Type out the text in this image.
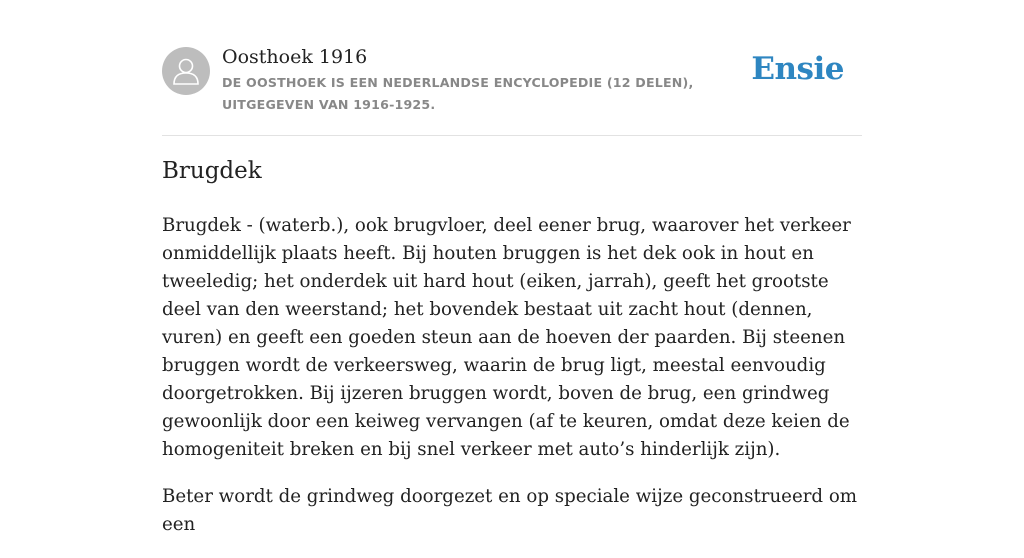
Oosthoek 1916
DE OOSTHOEK IS EEN NEDERLANDSE ENCYCLOPEDIE (12 DELEN), UITGEGEVEN VAN 1916-1925.
Ensie
Brugdek

Brugdek - (waterb.), ook brugvloer, deel eener brug, waarover het verkeer onmiddellijk plaats heeft. Bij houten bruggen is het dek ook in hout en tweeledig; het onderdek uit hard hout (eiken, jarrah), geeft het grootste deel van den weerstand; het bovendek bestaat uit zacht hout (dennen, vuren) en geeft een goeden steun aan de hoeven der paarden. Bij steenen bruggen wordt de verkeersweg, waarin de brug ligt, meestal eenvoudig doorgetrokken. Bij ijzeren bruggen wordt, boven de brug, een grindweg gewoonlijk door een keiweg vervangen (af te keuren, omdat deze keien de homogeniteit breken en bij snel verkeer met auto’s hinderlijk zijn).

Beter wordt de grindweg doorgezet en op speciale wijze geconstrueerd om een
